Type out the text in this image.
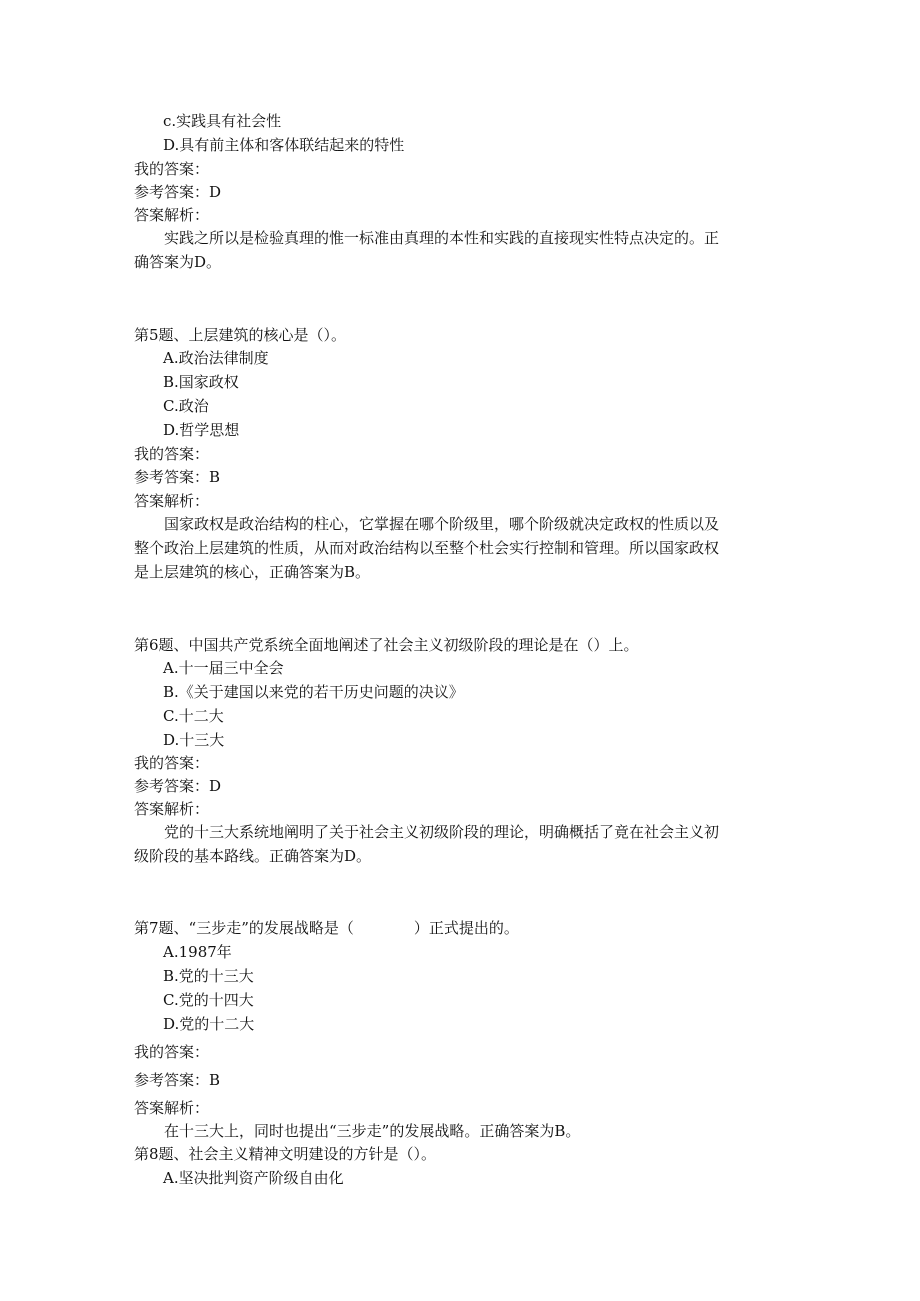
c.实践具有社会性
D.具有前主体和客体联结起来的特性
我的答案：
参考答案：D
答案解析：
　　实践之所以是检验真理的惟一标准由真理的本性和实践的直接现实性特点决定的。正
确答案为D。
第5题、上层建筑的核心是（）。
A.政治法律制度
B.国家政权
C.政治
D.哲学思想
我的答案：
参考答案：B
答案解析：
　　国家政权是政治结构的柱心，它掌握在哪个阶级里，哪个阶级就决定政权的性质以及
整个政治上层建筑的性质，从而对政治结构以至整个杜会实行控制和管理。所以国家政权
是上层建筑的核心，正确答案为B。
第6题、中国共产党系统全面地阐述了社会主义初级阶段的理论是在（）上。
A.十一届三中全会
B.《关于建国以来党的若干历史问题的决议》
C.十二大
D.十三大
我的答案：
参考答案：D
答案解析：
　　党的十三大系统地阐明了关于社会主义初级阶段的理论，明确概括了竟在社会主义初
级阶段的基本路线。正确答案为D。
第7题、“三步走”的发展战略是（　　　　）正式提出的。
A.1987年
B.党的十三大
C.党的十四大
D.党的十二大
我的答案：
参考答案：B
答案解析：
　　在十三大上，同时也提出“三步走”的发展战略。正确答案为B。
第8题、社会主义精神文明建设的方针是（）。
A.坚决批判资产阶级自由化
